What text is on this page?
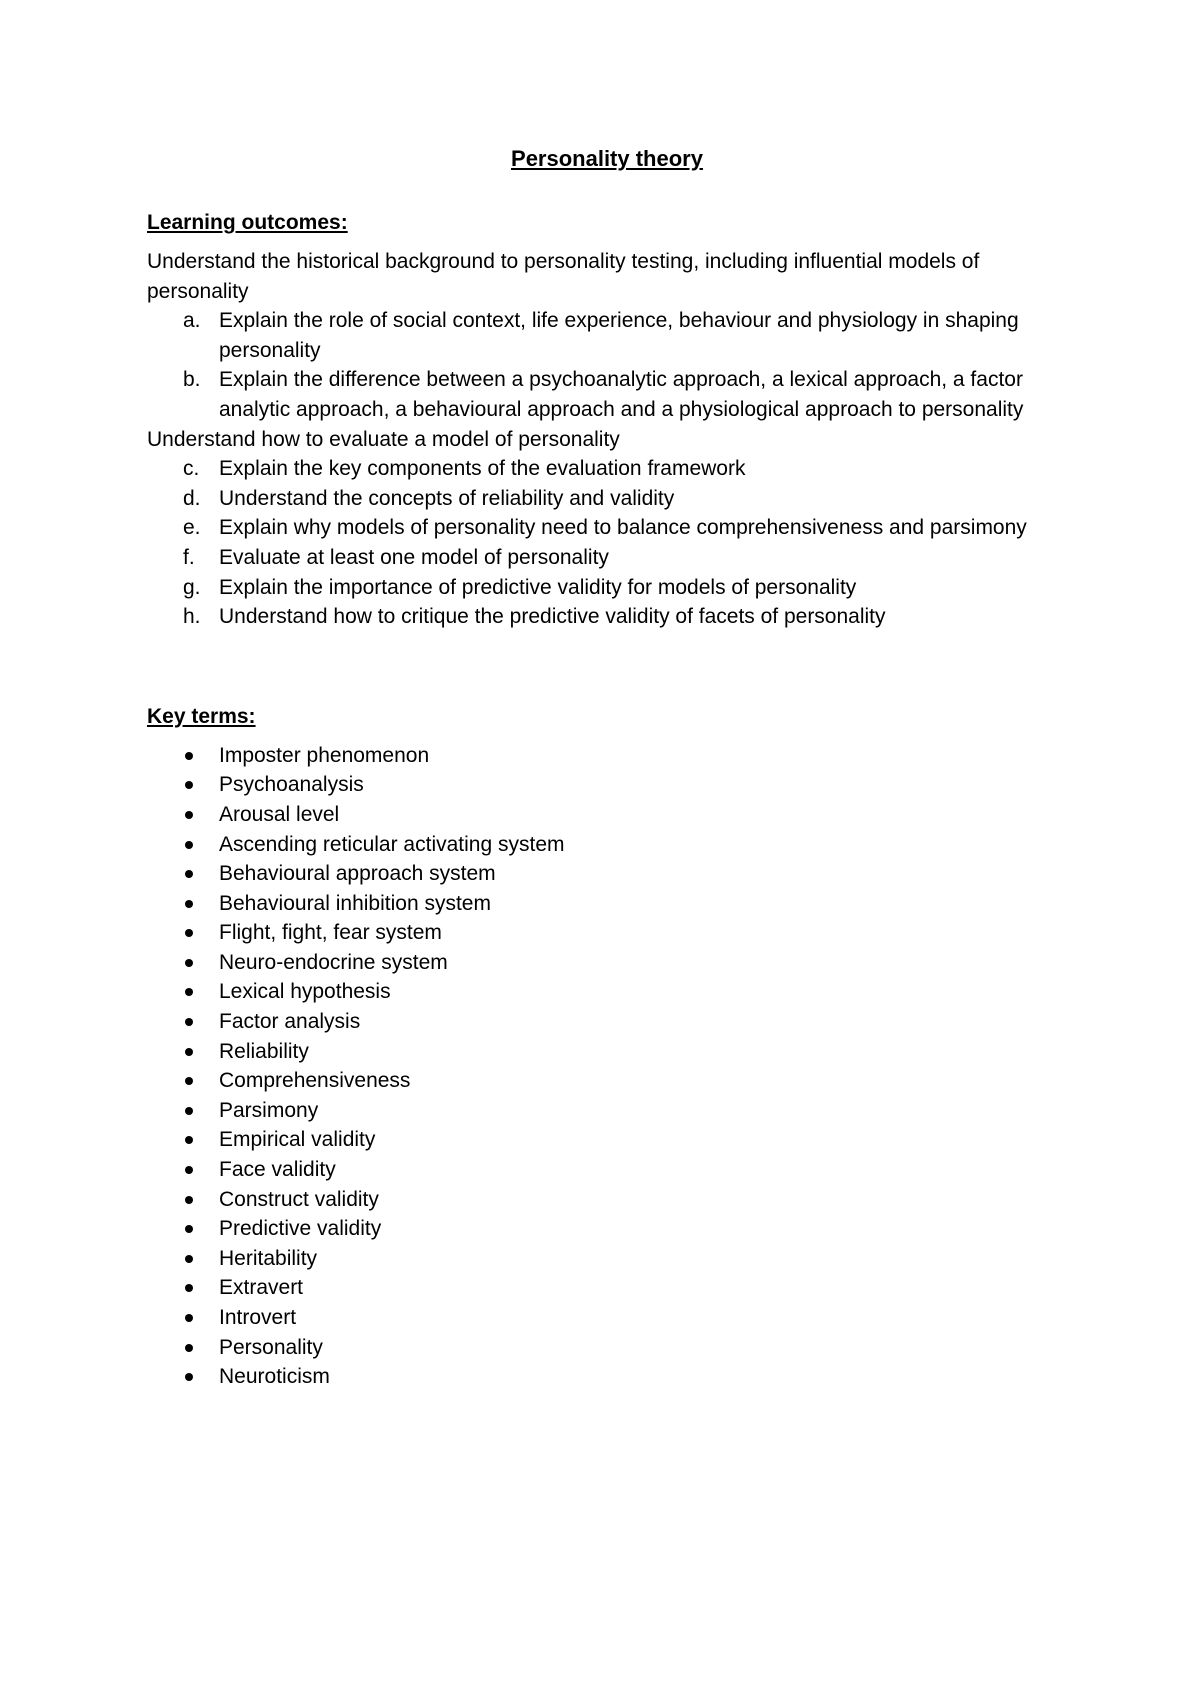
Personality theory
Learning outcomes:
Understand the historical background to personality testing, including influential models of personality
a. Explain the role of social context, life experience, behaviour and physiology in shaping personality
b. Explain the difference between a psychoanalytic approach, a lexical approach, a factor analytic approach, a behavioural approach and a physiological approach to personality
Understand how to evaluate a model of personality
c. Explain the key components of the evaluation framework
d. Understand the concepts of reliability and validity
e. Explain why models of personality need to balance comprehensiveness and parsimony
f. Evaluate at least one model of personality
g. Explain the importance of predictive validity for models of personality
h. Understand how to critique the predictive validity of facets of personality
Key terms:
Imposter phenomenon
Psychoanalysis
Arousal level
Ascending reticular activating system
Behavioural approach system
Behavioural inhibition system
Flight, fight, fear system
Neuro-endocrine system
Lexical hypothesis
Factor analysis
Reliability
Comprehensiveness
Parsimony
Empirical validity
Face validity
Construct validity
Predictive validity
Heritability
Extravert
Introvert
Personality
Neuroticism
